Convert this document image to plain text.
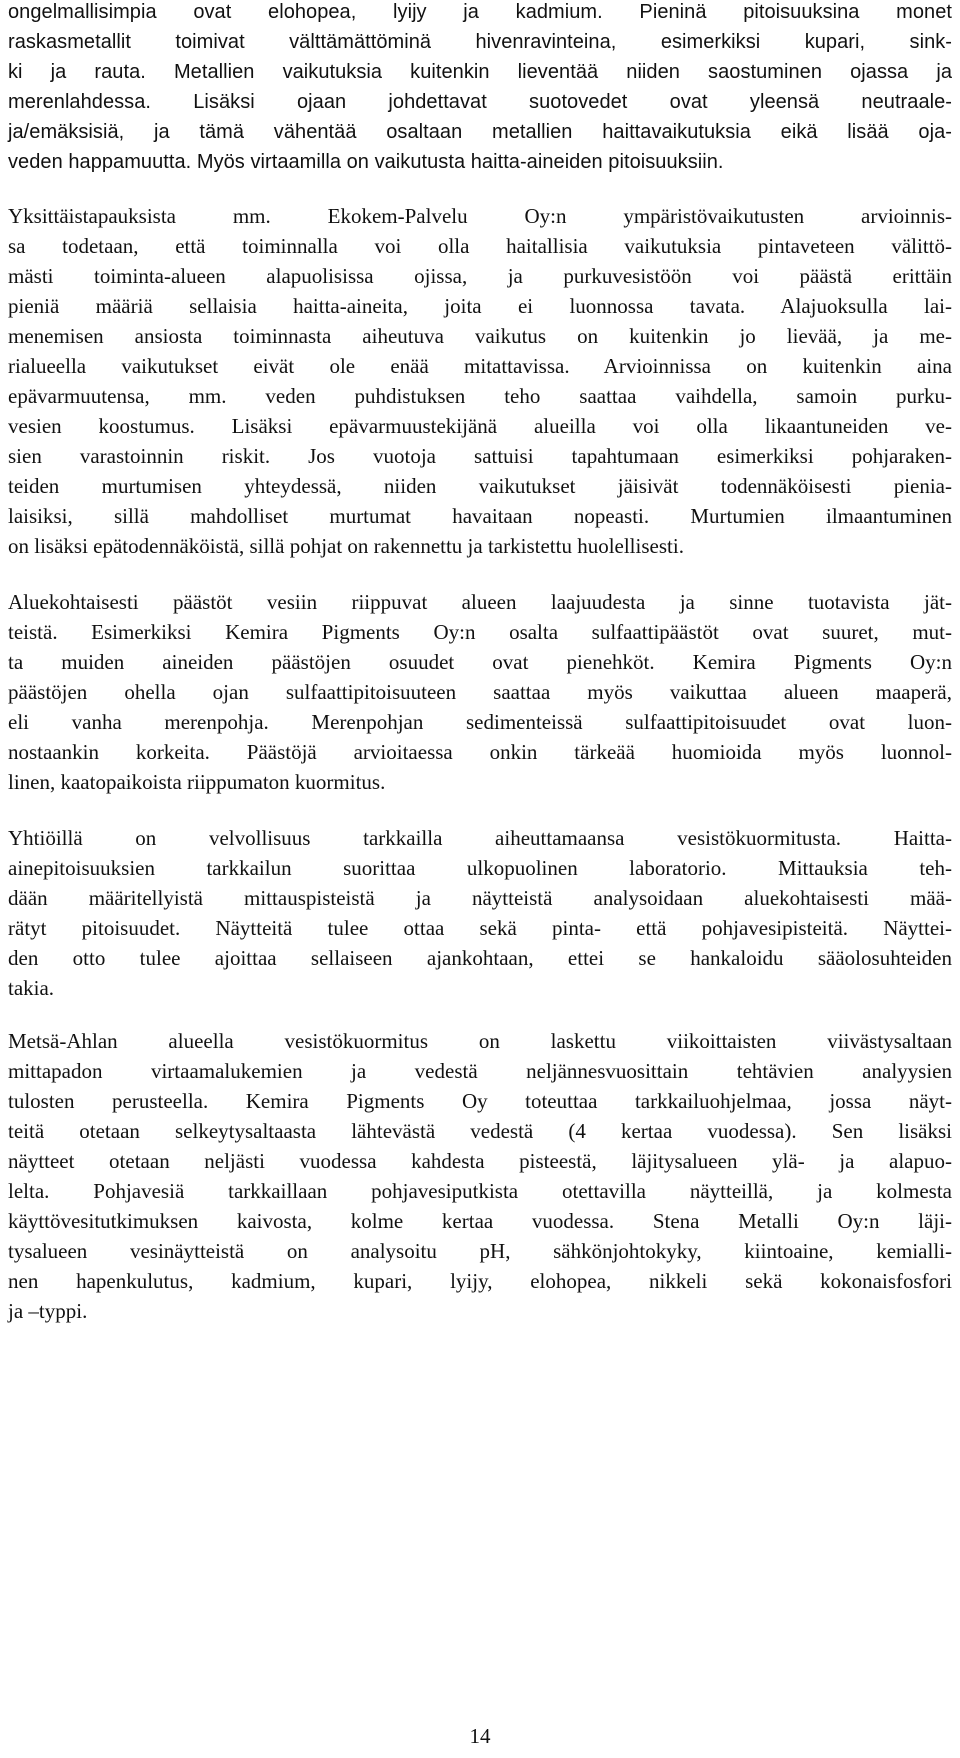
ongelmallisimpia ovat elohopea, lyijy ja kadmium. Pieninä pitoisuuksina monet
raskasmetallit toimivat välttämättöminä hivenravinteina, esimerkiksi kupari, sink-
ki ja rauta. Metallien vaikutuksia kuitenkin lieventää niiden saostuminen ojassa ja
merenlahdessa. Lisäksi ojaan johdettavat suotovedet ovat yleensä neutraale-
ja/emäksisiä, ja tämä vähentää osaltaan metallien haittavaikutuksia eikä lisää oja-
veden happamuutta. Myös virtaamilla on vaikutusta haitta-aineiden pitoisuuksiin.
Yksittäistapauksista mm. Ekokem-Palvelu Oy:n ympäristövaikutusten arvioinnis-
sa todetaan, että toiminnalla voi olla haitallisia vaikutuksia pintaveteen välittö-
mästi toiminta-alueen alapuolisissa ojissa, ja purkuvesistöön voi päästä erittäin
pieniä määriä sellaisia haitta-aineita, joita ei luonnossa tavata. Alajuoksulla lai-
menemisen ansiosta toiminnasta aiheutuva vaikutus on kuitenkin jo lievää, ja me-
rialueella vaikutukset eivät ole enää mitattavissa. Arvioinnissa on kuitenkin aina
epävarmuutensa, mm. veden puhdistuksen teho saattaa vaihdella, samoin purku-
vesien koostumus. Lisäksi epävarmuustekijänä alueilla voi olla likaantuneiden ve-
sien varastoinnin riskit. Jos vuotoja sattuisi tapahtumaan esimerkiksi pohjaraken-
teiden murtumisen yhteydessä, niiden vaikutukset jäisivät todennäköisesti pienia-
laisiksi, sillä mahdolliset murtumat havaitaan nopeasti. Murtumien ilmaantuminen
on lisäksi epätodennäköistä, sillä pohjat on rakennettu ja tarkistettu huolellisesti.
Aluekohtaisesti päästöt vesiin riippuvat alueen laajuudesta ja sinne tuotavista jät-
teistä. Esimerkiksi Kemira Pigments Oy:n osalta sulfaattipäästöt ovat suuret, mut-
ta muiden aineiden päästöjen osuudet ovat pienehköt. Kemira Pigments Oy:n
päästöjen ohella ojan sulfaattipitoisuuteen saattaa myös vaikuttaa alueen maaperä,
eli vanha merenpohja. Merenpohjan sedimenteissä sulfaattipitoisuudet ovat luon-
nostaankin korkeita. Päästöjä arvioitaessa onkin tärkeää huomioida myös luonnol-
linen, kaatopaikoista riippumaton kuormitus.
Yhtiöillä on velvollisuus tarkkailla aiheuttamaansa vesistökuormitusta. Haitta-
ainepitoisuuksien tarkkailun suorittaa ulkopuolinen laboratorio. Mittauksia teh-
dään määritellyistä mittauspisteistä ja näytteistä analysoidaan aluekohtaisesti mää-
rätyt pitoisuudet. Näytteitä tulee ottaa sekä pinta- että pohjavesipisteitä. Näyttei-
den otto tulee ajoittaa sellaiseen ajankohtaan, ettei se hankaloidu sääolosuhteiden
takia.
Metsä-Ahlan alueella vesistökuormitus on laskettu viikoittaisten viivästysaltaan
mittapadon virtaamalukemien ja vedestä neljännesvuosittain tehtävien analyysien
tulosten perusteella. Kemira Pigments Oy toteuttaa tarkkailuohjelmaa, jossa näyt-
teitä otetaan selkeytysaltaasta lähtevästä vedestä (4 kertaa vuodessa). Sen lisäksi
näytteet otetaan neljästi vuodessa kahdesta pisteestä, läjitysalueen ylä- ja alapuo-
lelta. Pohjavesiä tarkkaillaan pohjavesiputkista otettavilla näytteillä, ja kolmesta
käyttövesitutkimuksen kaivosta, kolme kertaa vuodessa. Stena Metalli Oy:n läji-
tysalueen vesinäytteistä on analysoitu pH, sähkönjohtokyky, kiintoaine, kemialli-
nen hapenkulutus, kadmium, kupari, lyijy, elohopea, nikkeli sekä kokonaisfosfori
ja –typpi.
14
